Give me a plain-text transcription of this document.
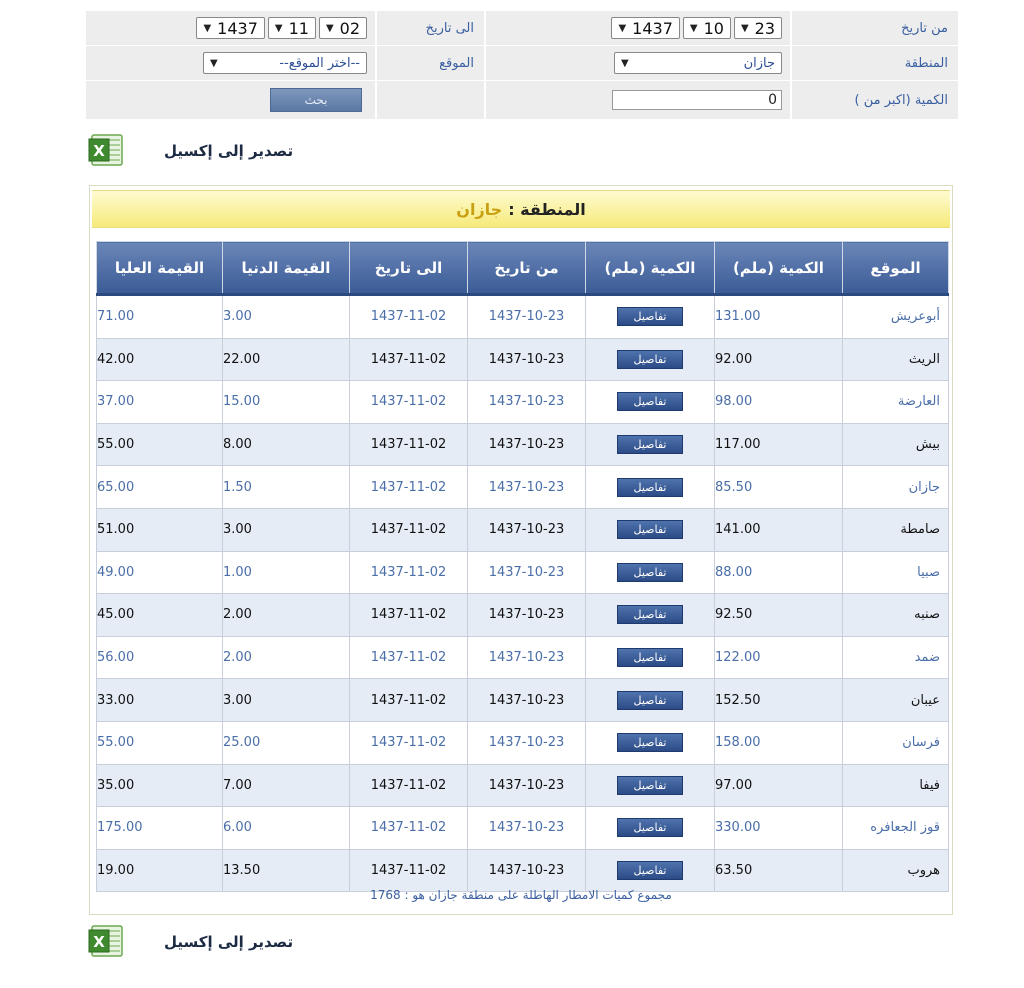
▼ 1437 ▼ 11 ▼ 02	الى تاريخ	▼ 1437 ▼ 10 ▼ 23	من تاريخ
▼	--اختر الموقع--	الموقع	▼	جازان	المنطقة
بحث	0	الكمية (اكبر من )
X	تصدير إلى إكسيل
المنطقة :
جازان
الموقع	الكمية (ملم)	الكمية (ملم)	من تاريخ	الى تاريخ	القيمة الدنيا	القيمة العليا
أبوعريش	131.00	تفاصيل	1437-10-23	1437-11-02	3.00	71.00
الريث	92.00	تفاصيل	1437-10-23	1437-11-02	22.00	42.00
العارضة	98.00	تفاصيل	1437-10-23	1437-11-02	15.00	37.00
بيش	117.00	تفاصيل	1437-10-23	1437-11-02	8.00	55.00
جازان	85.50	تفاصيل	1437-10-23	1437-11-02	1.50	65.00
صامطة	141.00	تفاصيل	1437-10-23	1437-11-02	3.00	51.00
صبيا	88.00	تفاصيل	1437-10-23	1437-11-02	1.00	49.00
صنبه	92.50	تفاصيل	1437-10-23	1437-11-02	2.00	45.00
ضمد	122.00	تفاصيل	1437-10-23	1437-11-02	2.00	56.00
عيبان	152.50	تفاصيل	1437-10-23	1437-11-02	3.00	33.00
فرسان	158.00	تفاصيل	1437-10-23	1437-11-02	25.00	55.00
فيفا	97.00	تفاصيل	1437-10-23	1437-11-02	7.00	35.00
قوز الجعافره	330.00	تفاصيل	1437-10-23	1437-11-02	6.00	175.00
هروب	63.50	تفاصيل	1437-10-23	1437-11-02	13.50	19.00
مجموع كميات الامطار الهاطلة على منطقة جازان هو : 1768
X	تصدير إلى إكسيل
